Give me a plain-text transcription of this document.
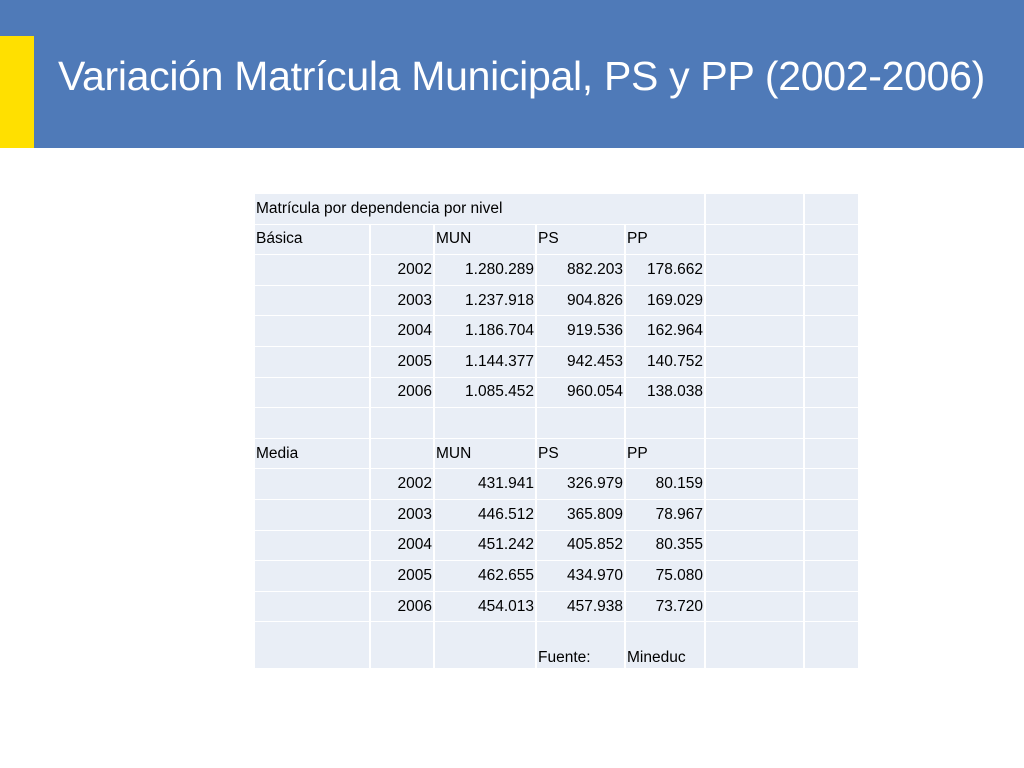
Variación Matrícula Municipal, PS y PP (2002-2006)
Matrícula por dependencia por nivel						
Básica		MUN	PS	PP		
	2002	1.280.289	882.203	178.662		
	2003	1.237.918	904.826	169.029		
	2004	1.186.704	919.536	162.964		
	2005	1.144.377	942.453	140.752		
	2006	1.085.452	960.054	138.038		

Media		MUN	PS	PP		
	2002	431.941	326.979	80.159		
	2003	446.512	365.809	78.967		
	2004	451.242	405.852	80.355		
	2005	462.655	434.970	75.080		
	2006	454.013	457.938	73.720		
			Fuente:	Mineduc		
